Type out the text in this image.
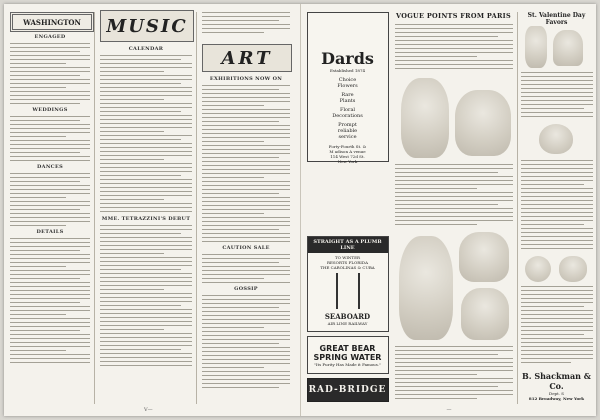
WASHINGTON
ENGAGED
WEDDINGS
DANCES
DETAILS
MUSIC
CALENDAR
MME. TETRAZZINI'S DEBUT
ART
EXHIBITIONS NOW ON
CAUTION SALE
GOSSIP
V—
Dards
Established 1874
Choice
Flowers
Rare
Plants
Floral
Decorations
Prompt
reliable
service
Forty-Fourth St. &
M adison A venue
114 West 72d St.
New York
STRAIGHT AS A PLUMB LINE
TO WINTER
RESORTS FLORIDA
THE CAROLINAS & CUBA
SEABOARD
AIR LINE RAILWAY
GREAT BEAR
SPRING WATER
"Its Purity Has Made it Famous."
RAD-BRIDGE
VOGUE POINTS FROM PARIS	St. Valentine Day Favors
B. Shackman & Co.
Dept. S
812 Broadway, New York
—
